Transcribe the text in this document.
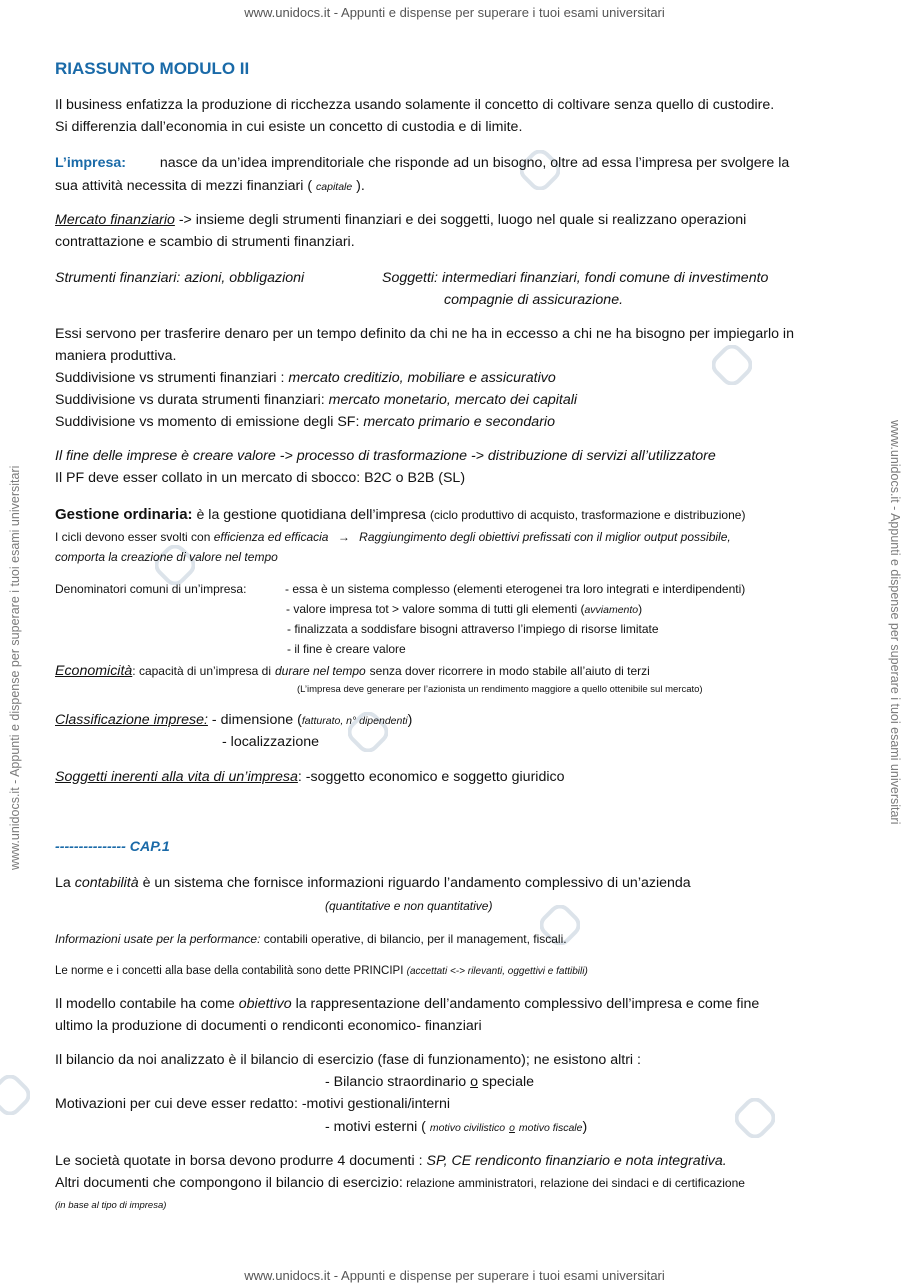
www.unidocs.it - Appunti e dispense per superare i tuoi esami universitari
www.unidocs.it - Appunti e dispense per superare i tuoi esami universitari
www.unidocs.it - Appunti e dispense per superare i tuoi esami universitari	www.unidocs.it - Appunti e dispense per superare i tuoi esami universitari
RIASSUNTO MODULO II
Il business enfatizza la produzione di ricchezza usando solamente il concetto di coltivare senza quello di custodire.
Si differenzia dall’economia in cui esiste un concetto di custodia e di limite.
L’impresa: nasce da un’idea imprenditoriale che risponde ad un bisogno, oltre ad essa l’impresa per svolgere la
sua attività necessita di mezzi finanziari ( capitale ).
Mercato finanziario -> insieme degli strumenti finanziari e dei soggetti, luogo nel quale si realizzano operazioni
contrattazione e scambio di strumenti finanziari.
Strumenti finanziari: azioni, obbligazioni	Soggetti: intermediari finanziari, fondi comune di investimento
compagnie di assicurazione.
Essi servono per trasferire denaro per un tempo definito da chi ne ha in eccesso a chi ne ha bisogno per impiegarlo in
maniera produttiva.
Suddivisione vs strumenti finanziari : mercato creditizio, mobiliare e assicurativo
Suddivisione vs durata strumenti finanziari: mercato monetario, mercato dei capitali
Suddivisione vs momento di emissione degli SF: mercato primario e secondario
Il fine delle imprese è creare valore -> processo di trasformazione -> distribuzione di servizi all’utilizzatore
Il PF deve esser collato in un mercato di sbocco: B2C o B2B (SL)
Gestione ordinaria: è la gestione quotidiana dell’impresa (ciclo produttivo di acquisto, trasformazione e distribuzione)
I cicli devono esser svolti con efficienza ed efficacia → Raggiungimento degli obiettivi prefissati con il miglior output possibile,
comporta la creazione di valore nel tempo
Denominatori comuni di un’impresa:	- essa è un sistema complesso (elementi eterogenei tra loro integrati e interdipendenti)
- valore impresa tot > valore somma di tutti gli elementi (avviamento)
- finalizzata a soddisfare bisogni attraverso l’impiego di risorse limitate
- il fine è creare valore
Economicità: capacità di un’impresa di durare nel tempo senza dover ricorrere in modo stabile all’aiuto di terzi
(L’impresa deve generare per l’azionista un rendimento maggiore a quello ottenibile sul mercato)
Classificazione imprese: - dimensione (fatturato, n° dipendenti)
- localizzazione
Soggetti inerenti alla vita di un’impresa: -soggetto economico e soggetto giuridico
--------------- CAP.1
La contabilità è un sistema che fornisce informazioni riguardo l’andamento complessivo di un’azienda
(quantitative e non quantitative)
Informazioni usate per la performance: contabili operative, di bilancio, per il management, fiscali.
Le norme e i concetti alla base della contabilità sono dette PRINCIPI (accettati <-> rilevanti, oggettivi e fattibili)
Il modello contabile ha come obiettivo la rappresentazione dell’andamento complessivo dell’impresa e come fine
ultimo la produzione di documenti o rendiconti economico- finanziari
Il bilancio da noi analizzato è il bilancio di esercizio (fase di funzionamento); ne esistono altri :
- Bilancio straordinario o speciale
Motivazioni per cui deve esser redatto: -motivi gestionali/interni
- motivi esterni ( motivo civilistico o motivo fiscale)
Le società quotate in borsa devono produrre 4 documenti : SP, CE rendiconto finanziario e nota integrativa.
Altri documenti che compongono il bilancio di esercizio: relazione amministratori, relazione dei sindaci e di certificazione
(in base al tipo di impresa)
